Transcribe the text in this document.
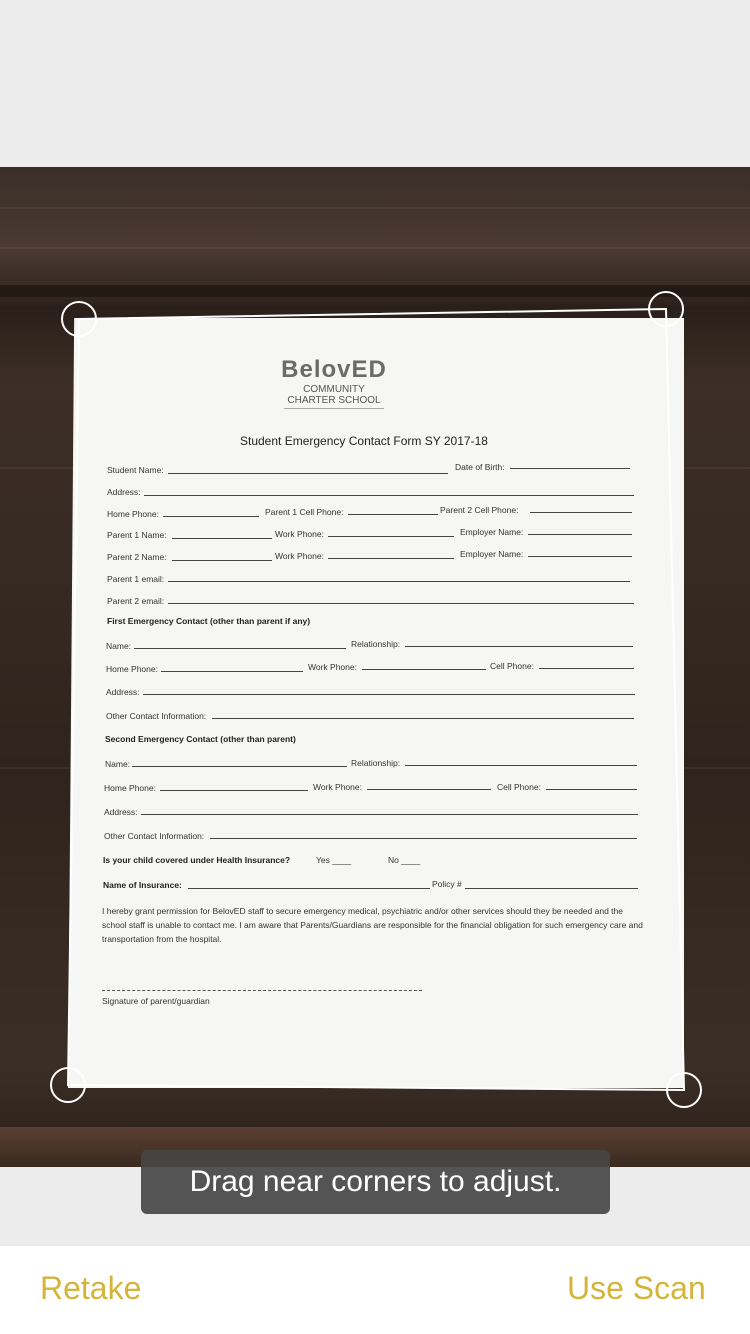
BelovED
COMMUNITY
CHARTER SCHOOL
Student Emergency Contact Form SY 2017-18
Student Name:	Date of Birth:
Address:
Home Phone:	Parent 1 Cell Phone:	Parent 2 Cell Phone:
Parent 1 Name:	Work Phone:	Employer Name:
Parent 2 Name:	Work Phone:	Employer Name:
Parent 1 email:
Parent 2 email:
First Emergency Contact (other than parent if any)
Name:	Relationship:
Home Phone:	Work Phone:	Cell Phone:
Address:
Other Contact Information:
Second Emergency Contact (other than parent)
Name:	Relationship:
Home Phone:	Work Phone:	Cell Phone:
Address:
Other Contact Information:
Is your child covered under Health Insurance?	Yes ____	No ____
Name of Insurance:	Policy #
I hereby grant permission for BelovED staff to secure emergency medical, psychiatric and/or other services should they be needed and the school staff is unable to contact me. I am aware that Parents/Guardians are responsible for the financial obligation for such emergency care and transportation from the hospital.
Signature of parent/guardian
Drag near corners to adjust.
Retake	Use Scan
